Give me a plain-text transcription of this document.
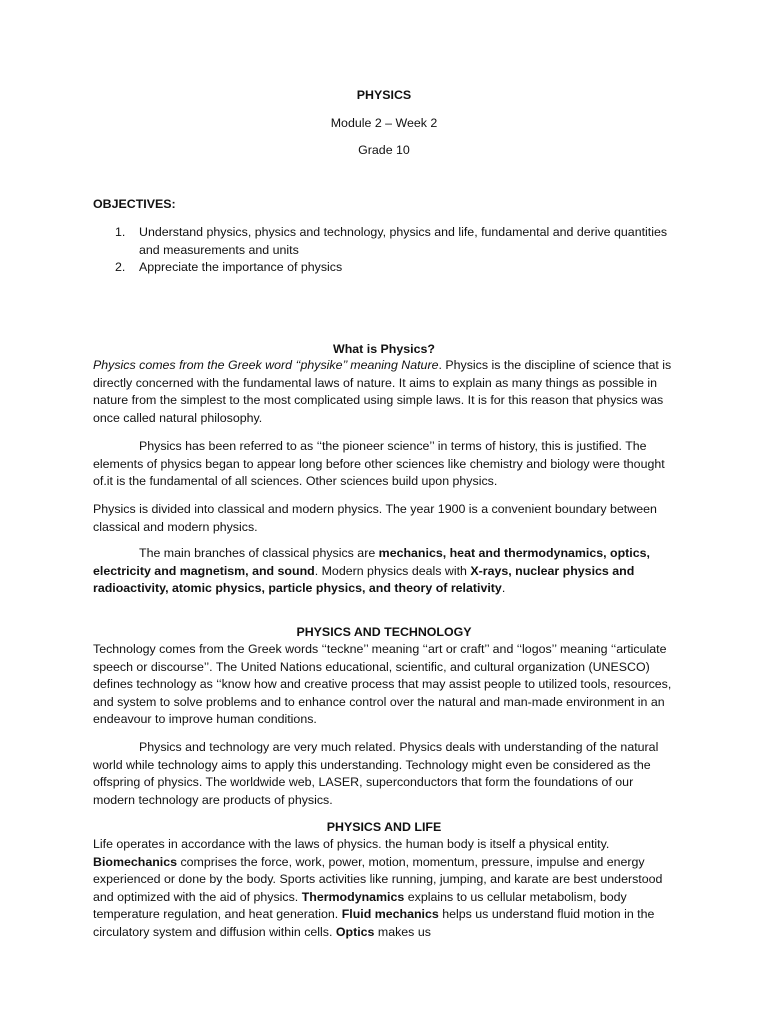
PHYSICS
Module 2 – Week 2
Grade 10
OBJECTIVES:
1. Understand physics, physics and technology, physics and life, fundamental and derive quantities and measurements and units
2. Appreciate the importance of physics
What is Physics?
Physics comes from the Greek word ‘‘physike’’ meaning Nature. Physics is the discipline of science that is directly concerned with the fundamental laws of nature. It aims to explain as many things as possible in nature from the simplest to the most complicated using simple laws. It is for this reason that physics was once called natural philosophy.
Physics has been referred to as ‘‘the pioneer science’’ in terms of history, this is justified. The elements of physics began to appear long before other sciences like chemistry and biology were thought of.it is the fundamental of all sciences. Other sciences build upon physics.
Physics is divided into classical and modern physics. The year 1900 is a convenient boundary between classical and modern physics.
The main branches of classical physics are mechanics, heat and thermodynamics, optics, electricity and magnetism, and sound. Modern physics deals with X-rays, nuclear physics and radioactivity, atomic physics, particle physics, and theory of relativity.
PHYSICS AND TECHNOLOGY
Technology comes from the Greek words ‘‘teckne’’ meaning ‘‘art or craft’’ and ‘‘logos’’ meaning ‘‘articulate speech or discourse’’. The United Nations educational, scientific, and cultural organization (UNESCO) defines technology as ‘‘know how and creative process that may assist people to utilized tools, resources, and system to solve problems and to enhance control over the natural and man-made environment in an endeavour to improve human conditions.
Physics and technology are very much related. Physics deals with understanding of the natural world while technology aims to apply this understanding. Technology might even be considered as the offspring of physics. The worldwide web, LASER, superconductors that form the foundations of our modern technology are products of physics.
PHYSICS AND LIFE
Life operates in accordance with the laws of physics. the human body is itself a physical entity. Biomechanics comprises the force, work, power, motion, momentum, pressure, impulse and energy experienced or done by the body. Sports activities like running, jumping, and karate are best understood and optimized with the aid of physics. Thermodynamics explains to us cellular metabolism, body temperature regulation, and heat generation. Fluid mechanics helps us understand fluid motion in the circulatory system and diffusion within cells. Optics makes us
